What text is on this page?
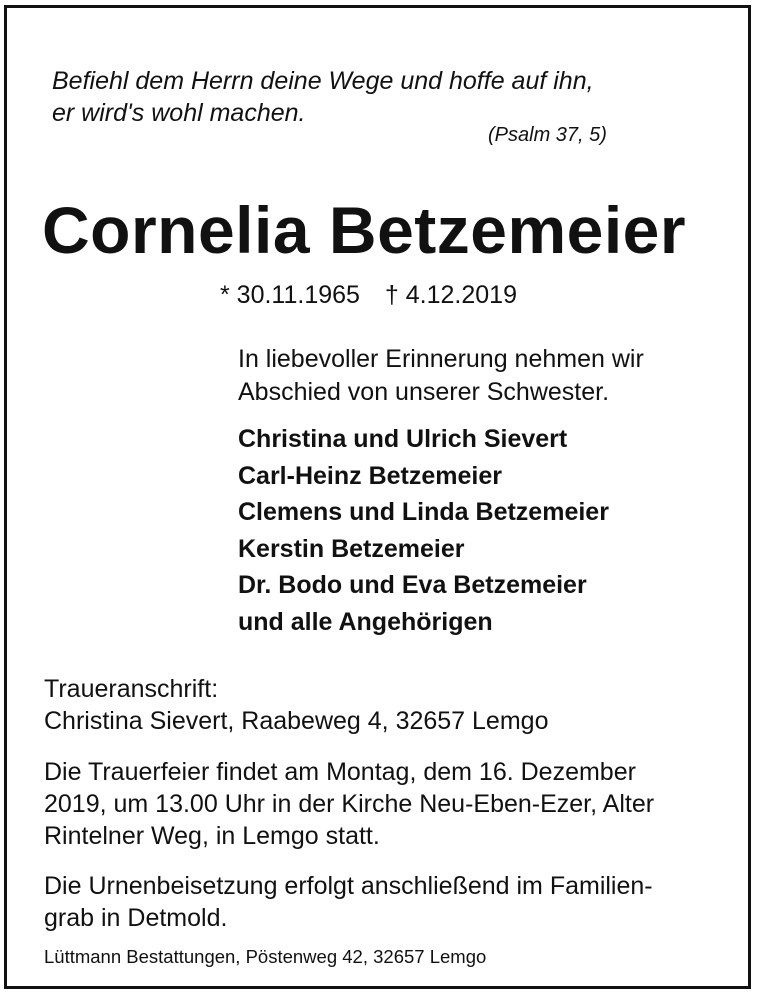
Befiehl dem Herrn deine Wege und hoffe auf ihn,
er wird's wohl machen.
(Psalm 37, 5)
Cornelia Betzemeier
* 30.11.1965 † 4.12.2019
In liebevoller Erinnerung nehmen wir
Abschied von unserer Schwester.
Christina und Ulrich Sievert
Carl-Heinz Betzemeier
Clemens und Linda Betzemeier
Kerstin Betzemeier
Dr. Bodo und Eva Betzemeier
und alle Angehörigen
Traueranschrift:
Christina Sievert, Raabeweg 4, 32657 Lemgo
Die Trauerfeier findet am Montag, dem 16. Dezember
2019, um 13.00 Uhr in der Kirche Neu-Eben-Ezer, Alter
Rintelner Weg, in Lemgo statt.
Die Urnenbeisetzung erfolgt anschließend im Familien-
grab in Detmold.
Lüttmann Bestattungen, Pöstenweg 42, 32657 Lemgo
